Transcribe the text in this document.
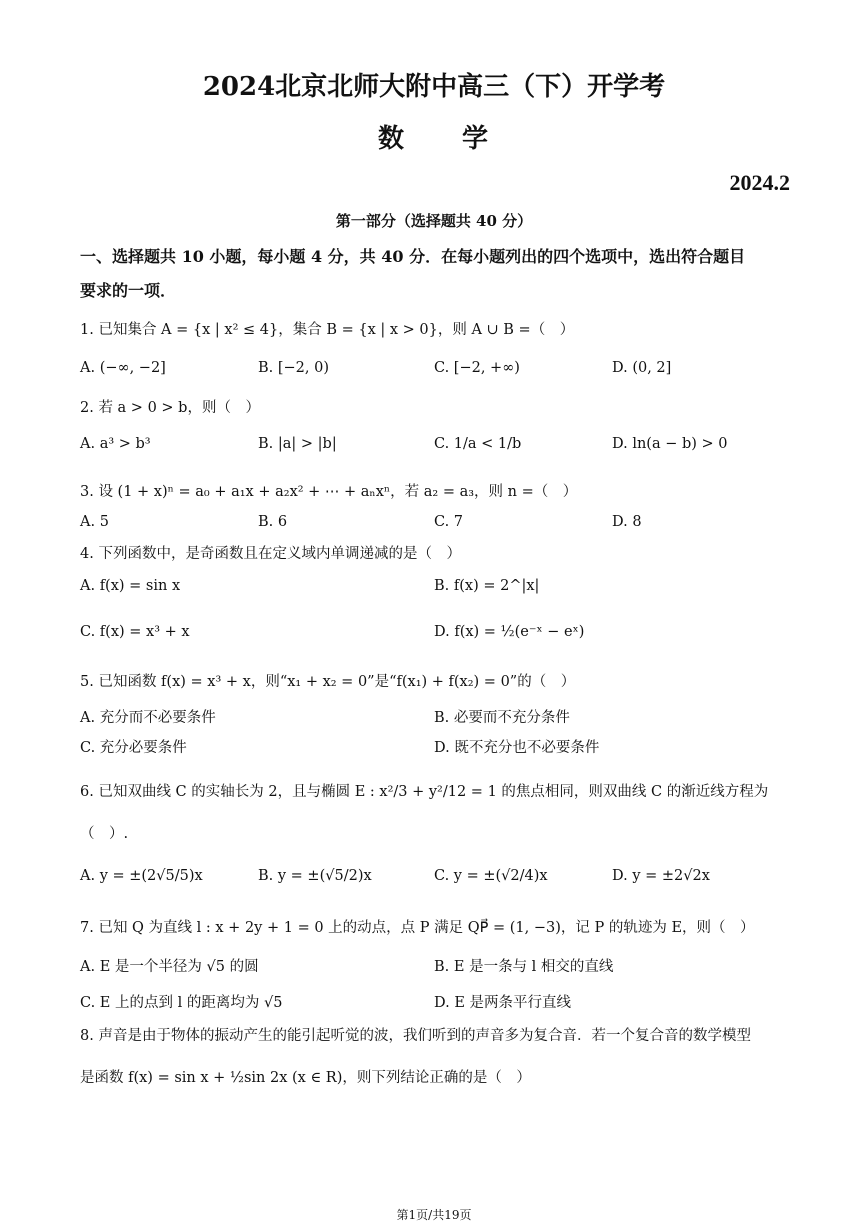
2024北京北师大附中高三（下）开学考
数　　学
2024.2
第一部分（选择题共 40 分）
一、选择题共 10 小题，每小题 4 分，共 40 分．在每小题列出的四个选项中，选出符合题目
要求的一项．
1. 已知集合 A = {x | x² ≤ 4}，集合 B = {x | x > 0}，则 A ∪ B =（　）
A. (−∞, −2]	B. [−2, 0)	C. [−2, +∞)	D. (0, 2]
2. 若 a > 0 > b，则（　）
A. a³ > b³	B. |a| > |b|	C. 1/a < 1/b	D. ln(a − b) > 0
3. 设 (1 + x)ⁿ = a₀ + a₁x + a₂x² + ⋯ + aₙxⁿ，若 a₂ = a₃，则 n =（　）
A. 5	B. 6	C. 7	D. 8
4. 下列函数中，是奇函数且在定义域内单调递减的是（　）
A. f(x) = sin x	B. f(x) = 2^|x|
C. f(x) = x³ + x	D. f(x) = ½(e⁻ˣ − eˣ)
5. 已知函数 f(x) = x³ + x，则“x₁ + x₂ = 0”是“f(x₁) + f(x₂) = 0”的（　）
A. 充分而不必要条件	B. 必要而不充分条件
C. 充分必要条件	D. 既不充分也不必要条件
6. 已知双曲线 C 的实轴长为 2，且与椭圆 E : x²/3 + y²/12 = 1 的焦点相同，则双曲线 C 的渐近线方程为
（　）.
A. y = ±(2√5/5)x	B. y = ±(√5/2)x	C. y = ±(√2/4)x	D. y = ±2√2x
7. 已知 Q 为直线 l : x + 2y + 1 = 0 上的动点，点 P 满足 QP⃗ = (1, −3)，记 P 的轨迹为 E，则（　）
A. E 是一个半径为 √5 的圆	B. E 是一条与 l 相交的直线
C. E 上的点到 l 的距离均为 √5	D. E 是两条平行直线
8. 声音是由于物体的振动产生的能引起听觉的波，我们听到的声音多为复合音．若一个复合音的数学模型
是函数 f(x) = sin x + ½sin 2x (x ∈ R)，则下列结论正确的是（　）
第1页/共19页
